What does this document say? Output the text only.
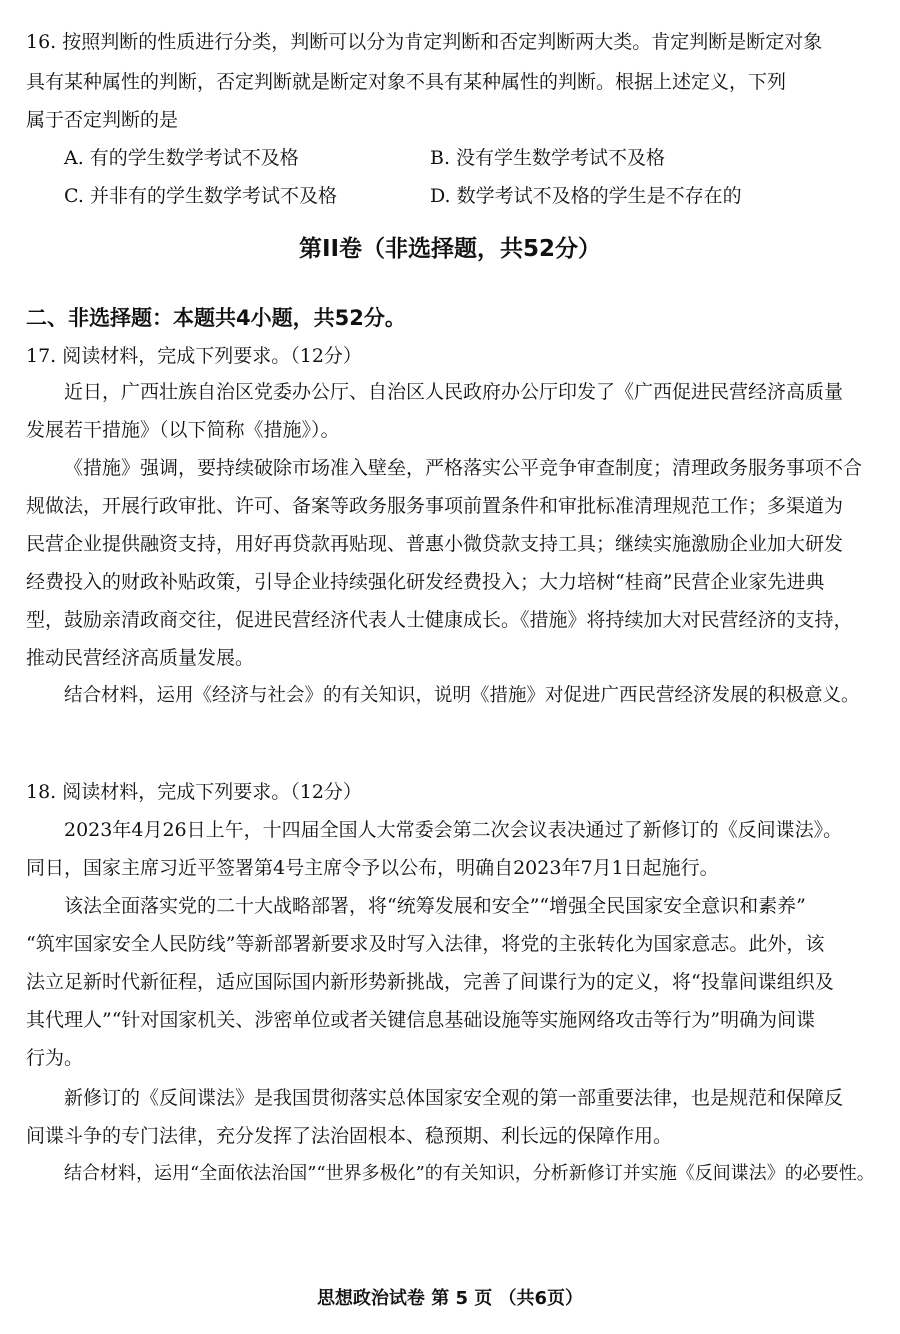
16. 按照判断的性质进行分类，判断可以分为肯定判断和否定判断两大类。肯定判断是断定对象
具有某种属性的判断，否定判断就是断定对象不具有某种属性的判断。根据上述定义，下列
属于否定判断的是
A. 有的学生数学考试不及格	B. 没有学生数学考试不及格
C. 并非有的学生数学考试不及格	D. 数学考试不及格的学生是不存在的
第II卷（非选择题，共52分）
二、非选择题：本题共4小题，共52分。
17. 阅读材料，完成下列要求。（12分）
近日，广西壮族自治区党委办公厅、自治区人民政府办公厅印发了《广西促进民营经济高质量
发展若干措施》（以下简称《措施》）。
《措施》强调，要持续破除市场准入壁垒，严格落实公平竞争审查制度；清理政务服务事项不合
规做法，开展行政审批、许可、备案等政务服务事项前置条件和审批标准清理规范工作；多渠道为
民营企业提供融资支持，用好再贷款再贴现、普惠小微贷款支持工具；继续实施激励企业加大研发
经费投入的财政补贴政策，引导企业持续强化研发经费投入；大力培树“桂商”民营企业家先进典
型，鼓励亲清政商交往，促进民营经济代表人士健康成长。《措施》将持续加大对民营经济的支持，
推动民营经济高质量发展。
结合材料，运用《经济与社会》的有关知识，说明《措施》对促进广西民营经济发展的积极意义。
18. 阅读材料，完成下列要求。（12分）
2023年4月26日上午，十四届全国人大常委会第二次会议表决通过了新修订的《反间谍法》。
同日，国家主席习近平签署第4号主席令予以公布，明确自2023年7月1日起施行。
该法全面落实党的二十大战略部署，将“统筹发展和安全”“增强全民国家安全意识和素养”
“筑牢国家安全人民防线”等新部署新要求及时写入法律，将党的主张转化为国家意志。此外，该
法立足新时代新征程，适应国际国内新形势新挑战，完善了间谍行为的定义，将“投靠间谍组织及
其代理人”“针对国家机关、涉密单位或者关键信息基础设施等实施网络攻击等行为”明确为间谍
行为。
新修订的《反间谍法》是我国贯彻落实总体国家安全观的第一部重要法律，也是规范和保障反
间谍斗争的专门法律，充分发挥了法治固根本、稳预期、利长远的保障作用。
结合材料，运用“全面依法治国”“世界多极化”的有关知识，分析新修订并实施《反间谍法》的必要性。
思想政治试卷 第 5 页 （共6页）
